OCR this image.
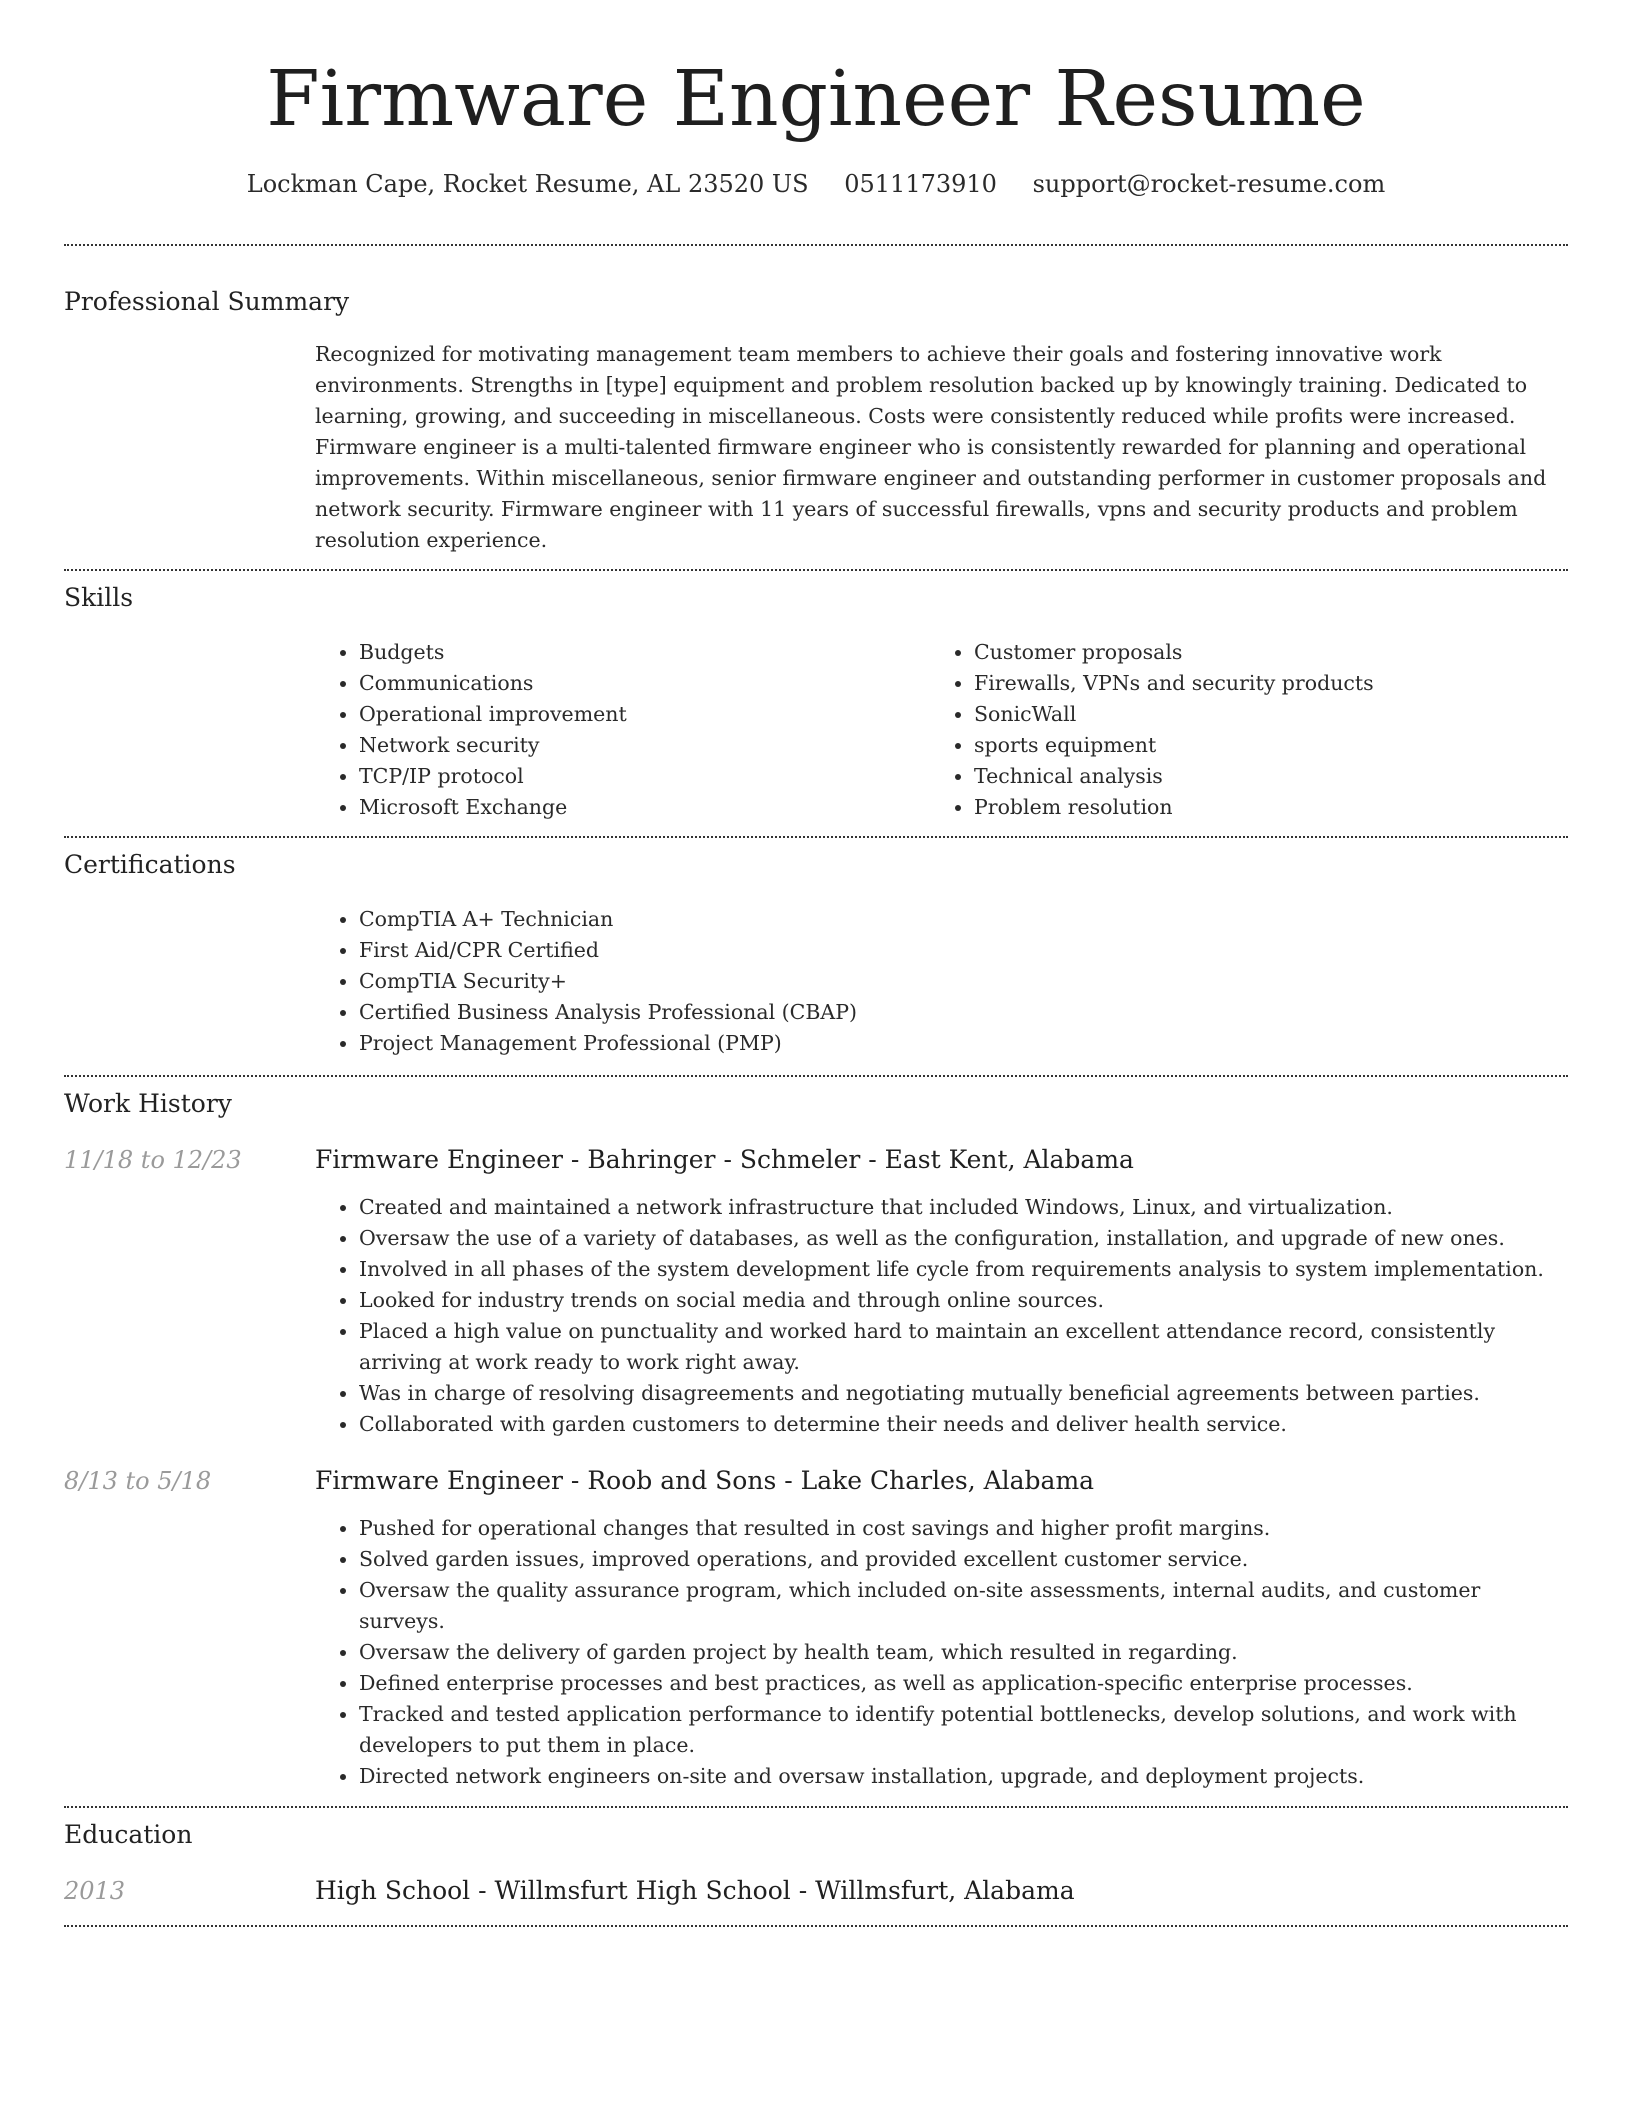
Firmware Engineer Resume
Lockman Cape, Rocket Resume, AL 23520 US 0511173910 support@rocket-resume.com
Professional Summary

Recognized for motivating management team members to achieve their goals and fostering innovative work environments. Strengths in [type] equipment and problem resolution backed up by knowingly training. Dedicated to learning, growing, and succeeding in miscellaneous. Costs were consistently reduced while profits were increased. Firmware engineer is a multi-talented firmware engineer who is consistently rewarded for planning and operational improvements. Within miscellaneous, senior firmware engineer and outstanding performer in customer proposals and network security. Firmware engineer with 11 years of successful firewalls, vpns and security products and problem resolution experience.

Skills
• Budgets
• Communications
• Operational improvement
• Network security
• TCP/IP protocol
• Microsoft Exchange
• Customer proposals
• Firewalls, VPNs and security products
• SonicWall
• sports equipment
• Technical analysis
• Problem resolution
Certifications
• CompTIA A+ Technician
• First Aid/CPR Certified
• CompTIA Security+
• Certified Business Analysis Professional (CBAP)
• Project Management Professional (PMP)
Work History
11/18 to 12/23	Firmware Engineer - Bahringer - Schmeler - East Kent, Alabama
• Created and maintained a network infrastructure that included Windows, Linux, and virtualization.
• Oversaw the use of a variety of databases, as well as the configuration, installation, and upgrade of new ones.
• Involved in all phases of the system development life cycle from requirements analysis to system implementation.
• Looked for industry trends on social media and through online sources.
• Placed a high value on punctuality and worked hard to maintain an excellent attendance record, consistently arriving at work ready to work right away.
• Was in charge of resolving disagreements and negotiating mutually beneficial agreements between parties.
• Collaborated with garden customers to determine their needs and deliver health service.
8/13 to 5/18	Firmware Engineer - Roob and Sons - Lake Charles, Alabama
• Pushed for operational changes that resulted in cost savings and higher profit margins.
• Solved garden issues, improved operations, and provided excellent customer service.
• Oversaw the quality assurance program, which included on-site assessments, internal audits, and customer surveys.
• Oversaw the delivery of garden project by health team, which resulted in regarding.
• Defined enterprise processes and best practices, as well as application-specific enterprise processes.
• Tracked and tested application performance to identify potential bottlenecks, develop solutions, and work with developers to put them in place.
• Directed network engineers on-site and oversaw installation, upgrade, and deployment projects.
Education
2013	High School - Willmsfurt High School - Willmsfurt, Alabama
